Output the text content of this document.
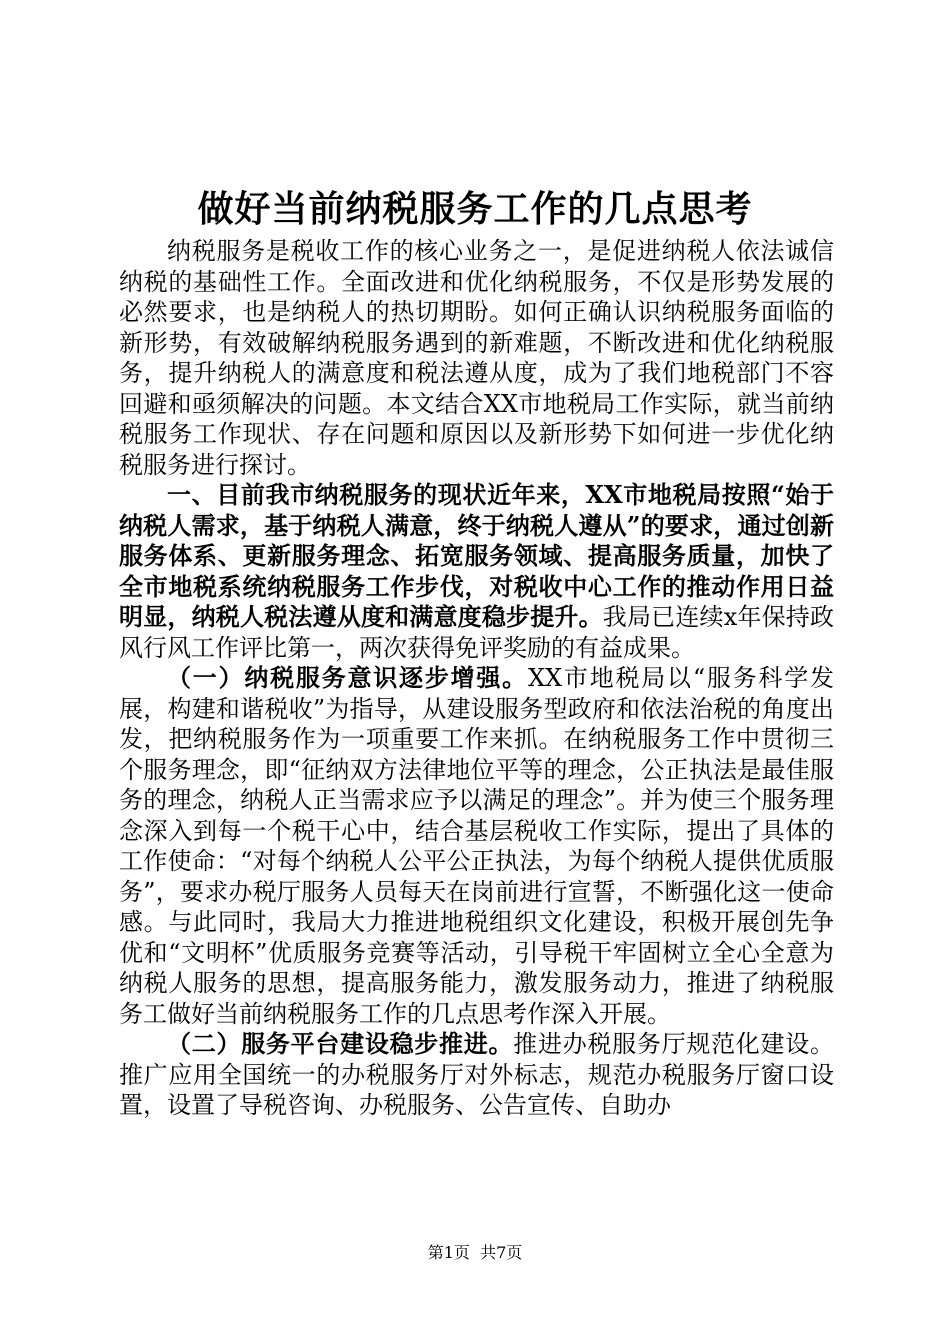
做好当前纳税服务工作的几点思考

纳税服务是税收工作的核心业务之一，是促进纳税人依法诚信纳税的基础性工作。全面改进和优化纳税服务，不仅是形势发展的必然要求，也是纳税人的热切期盼。如何正确认识纳税服务面临的新形势，有效破解纳税服务遇到的新难题，不断改进和优化纳税服务，提升纳税人的满意度和税法遵从度，成为了我们地税部门不容回避和亟须解决的问题。本文结合XX市地税局工作实际，就当前纳税服务工作现状、存在问题和原因以及新形势下如何进一步优化纳税服务进行探讨。

一、目前我市纳税服务的现状近年来，XX市地税局按照“始于纳税人需求，基于纳税人满意，终于纳税人遵从”的要求，通过创新服务体系、更新服务理念、拓宽服务领域、提高服务质量，加快了全市地税系统纳税服务工作步伐，对税收中心工作的推动作用日益明显，纳税人税法遵从度和满意度稳步提升。我局已连续x年保持政风行风工作评比第一，两次获得免评奖励的有益成果。

（一）纳税服务意识逐步增强。XX市地税局以“服务科学发展，构建和谐税收”为指导，从建设服务型政府和依法治税的角度出发，把纳税服务作为一项重要工作来抓。在纳税服务工作中贯彻三个服务理念，即“征纳双方法律地位平等的理念，公正执法是最佳服务的理念，纳税人正当需求应予以满足的理念”。并为使三个服务理念深入到每一个税干心中，结合基层税收工作实际，提出了具体的工作使命：“对每个纳税人公平公正执法，为每个纳税人提供优质服务”，要求办税厅服务人员每天在岗前进行宣誓，不断强化这一使命感。与此同时，我局大力推进地税组织文化建设，积极开展创先争优和“文明杯”优质服务竞赛等活动，引导税干牢固树立全心全意为纳税人服务的思想，提高服务能力，激发服务动力，推进了纳税服务工做好当前纳税服务工作的几点思考作深入开展。

（二）服务平台建设稳步推进。推进办税服务厅规范化建设。推广应用全国统一的办税服务厅对外标志，规范办税服务厅窗口设置，设置了导税咨询、办税服务、公告宣传、自助办

第1页  共7页
